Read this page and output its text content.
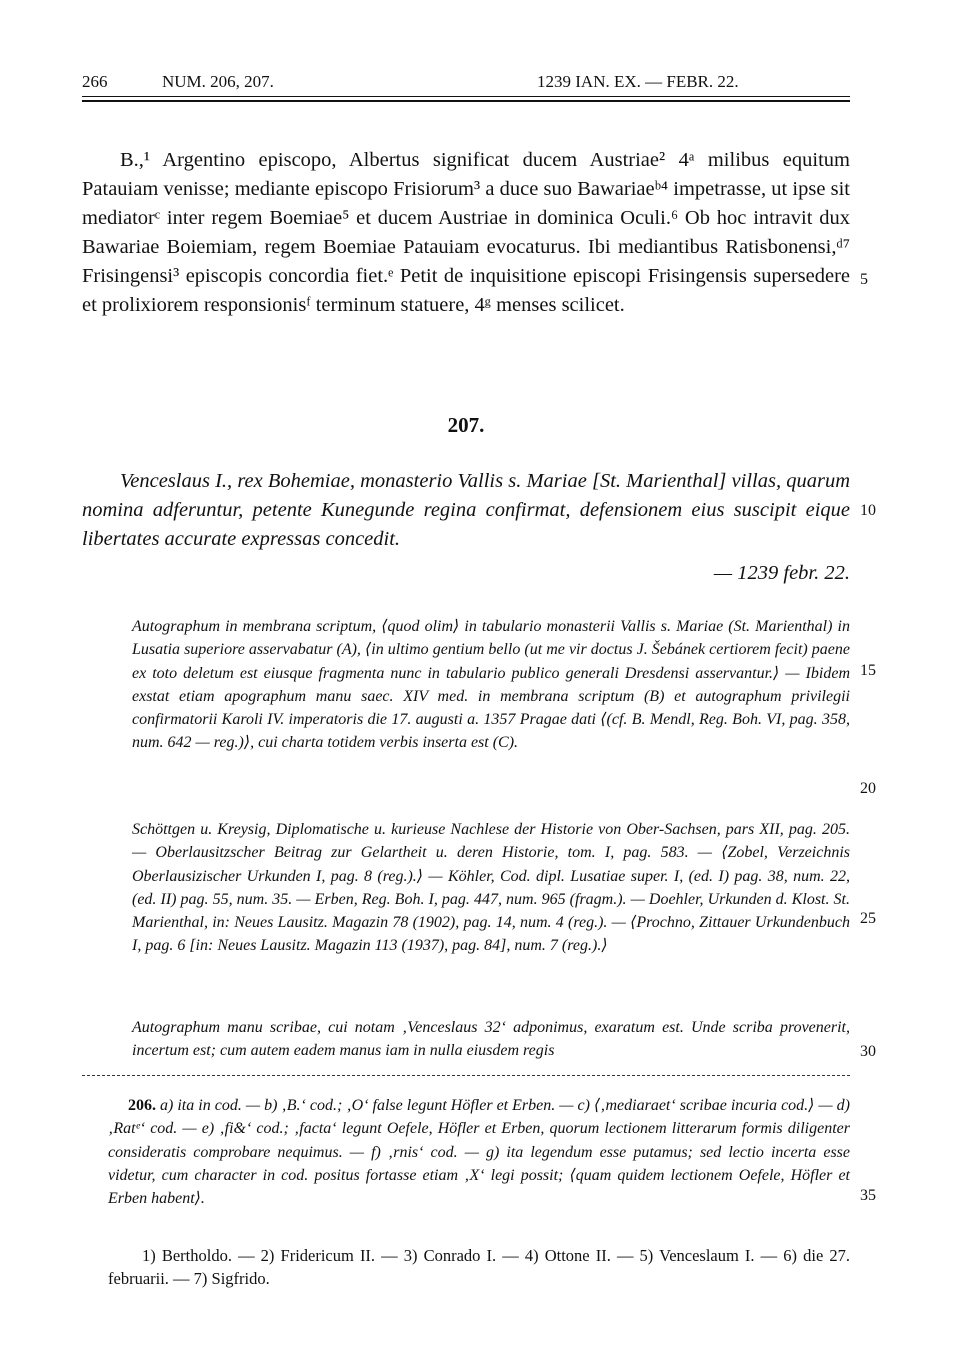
266	NUM. 206, 207.	1239 IAN. EX. — FEBR. 22.

B.,¹ Argentino episcopo, Albertus significat ducem Austriae² 4ᵃ milibus equitum Patauiam venisse; mediante episcopo Frisiorum³ a duce suo Bawariaeᵇ⁴ impetrasse, ut ipse sit mediatorᶜ inter regem Boemiae⁵ et ducem Austriae in dominica Oculi.⁶ Ob hoc intravit dux Bawariae Boiemiam, regem Boemiae Patauiam evocaturus. Ibi mediantibus Ratisbonensi,ᵈ⁷ Frisingensi³ episcopis concordia fiet.ᵉ Petit de inquisitione episcopi Frisingensis supersedere et prolixiorem responsionisᶠ terminum statuere, 4ᵍ menses scilicet.

207.

Venceslaus I., rex Bohemiae, monasterio Vallis s. Mariae [St. Marienthal] villas, quarum nomina adferuntur, petente Kunegunde regina confirmat, defensionem eius suscipit eique libertates accurate expressas concedit.

— 1239 febr. 22.

Autographum in membrana scriptum, ⟨quod olim⟩ in tabulario monasterii Vallis s. Mariae (St. Marienthal) in Lusatia superiore asservabatur (A), ⟨in ultimo gentium bello (ut me vir doctus J. Šebánek certiorem fecit) paene ex toto deletum est eiusque fragmenta nunc in tabulario publico generali Dresdensi asservantur.⟩ — Ibidem exstat etiam apographum manu saec. XIV med. in membrana scriptum (B) et autographum privilegii confirmatorii Karoli IV. imperatoris die 17. augusti a. 1357 Pragae dati ⟨(cf. B. Mendl, Reg. Boh. VI, pag. 358, num. 642 — reg.)⟩, cui charta totidem verbis inserta est (C).

Schöttgen u. Kreysig, Diplomatische u. kurieuse Nachlese der Historie von Ober-Sachsen, pars XII, pag. 205. — Oberlausitzscher Beitrag zur Gelartheit u. deren Historie, tom. I, pag. 583. — ⟨Zobel, Verzeichnis Oberlausizischer Urkunden I, pag. 8 (reg.).⟩ — Köhler, Cod. dipl. Lusatiae super. I, (ed. I) pag. 38, num. 22, (ed. II) pag. 55, num. 35. — Erben, Reg. Boh. I, pag. 447, num. 965 (fragm.). — Doehler, Urkunden d. Klost. St. Marienthal, in: Neues Lausitz. Magazin 78 (1902), pag. 14, num. 4 (reg.). — ⟨Prochno, Zittauer Urkundenbuch I, pag. 6 [in: Neues Lausitz. Magazin 113 (1937), pag. 84], num. 7 (reg.).⟩

Autographum manu scribae, cui notam ‚Venceslaus 32‘ adponimus, exaratum est. Unde scriba provenerit, incertum est; cum autem eadem manus iam in nulla eiusdem regis

206. a) ita in cod. — b) ‚B.‘ cod.; ‚O‘ false legunt Höfler et Erben. — c) ⟨‚mediaraet‘ scribae incuria cod.⟩ — d) ‚Ratᵉ‘ cod. — e) ‚fi&‘ cod.; ‚facta‘ legunt Oefele, Höfler et Erben, quorum lectionem litterarum formis diligenter consideratis comprobare nequimus. — f) ‚rnis‘ cod. — g) ita legendum esse putamus; sed lectio incerta esse videtur, cum character in cod. positus fortasse etiam ‚X‘ legi possit; ⟨quam quidem lectionem Oefele, Höfler et Erben habent⟩.

1) Bertholdo. — 2) Fridericum II. — 3) Conrado I. — 4) Ottone II. — 5) Venceslaum I. — 6) die 27. februarii. — 7) Sigfrido.

5
10
15
20
25
30
35
